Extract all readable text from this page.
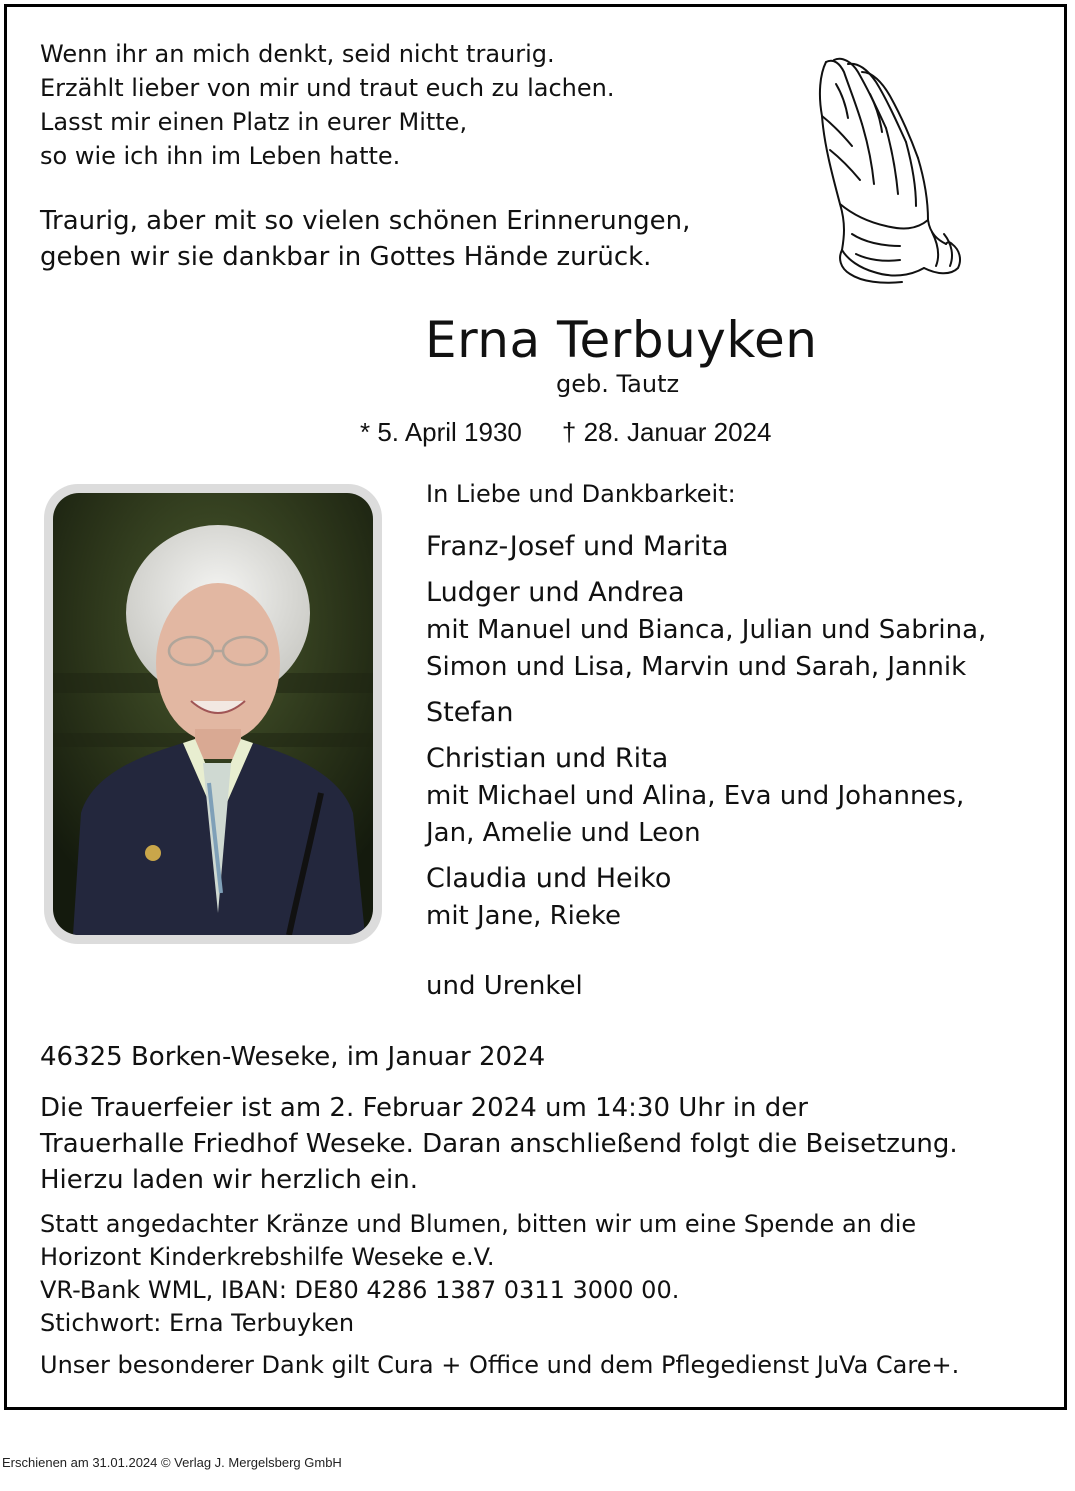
Wenn ihr an mich denkt, seid nicht traurig.
Erzählt lieber von mir und traut euch zu lachen.
Lasst mir einen Platz in eurer Mitte,
so wie ich ihn im Leben hatte.
Traurig, aber mit so vielen schönen Erinnerungen,
geben wir sie dankbar in Gottes Hände zurück.
Erna Terbuyken
geb. Tautz
* 5. April 1930 † 28. Januar 2024
In Liebe und Dankbarkeit:
Franz-Josef und Marita
Ludger und Andrea
mit Manuel und Bianca, Julian und Sabrina,
Simon und Lisa, Marvin und Sarah, Jannik
Stefan
Christian und Rita
mit Michael und Alina, Eva und Johannes,
Jan, Amelie und Leon
Claudia und Heiko
mit Jane, Rieke
und Urenkel
46325 Borken-Weseke, im Januar 2024
Die Trauerfeier ist am 2. Februar 2024 um 14:30 Uhr in der
Trauerhalle Friedhof Weseke. Daran anschließend folgt die Beisetzung.
Hierzu laden wir herzlich ein.
Statt angedachter Kränze und Blumen, bitten wir um eine Spende an die
Horizont Kinderkrebshilfe Weseke e.V.
VR-Bank WML, IBAN: DE80 4286 1387 0311 3000 00.
Stichwort: Erna Terbuyken
Unser besonderer Dank gilt Cura + Office und dem Pflegedienst JuVa Care+.
Erschienen am 31.01.2024 © Verlag J. Mergelsberg GmbH
